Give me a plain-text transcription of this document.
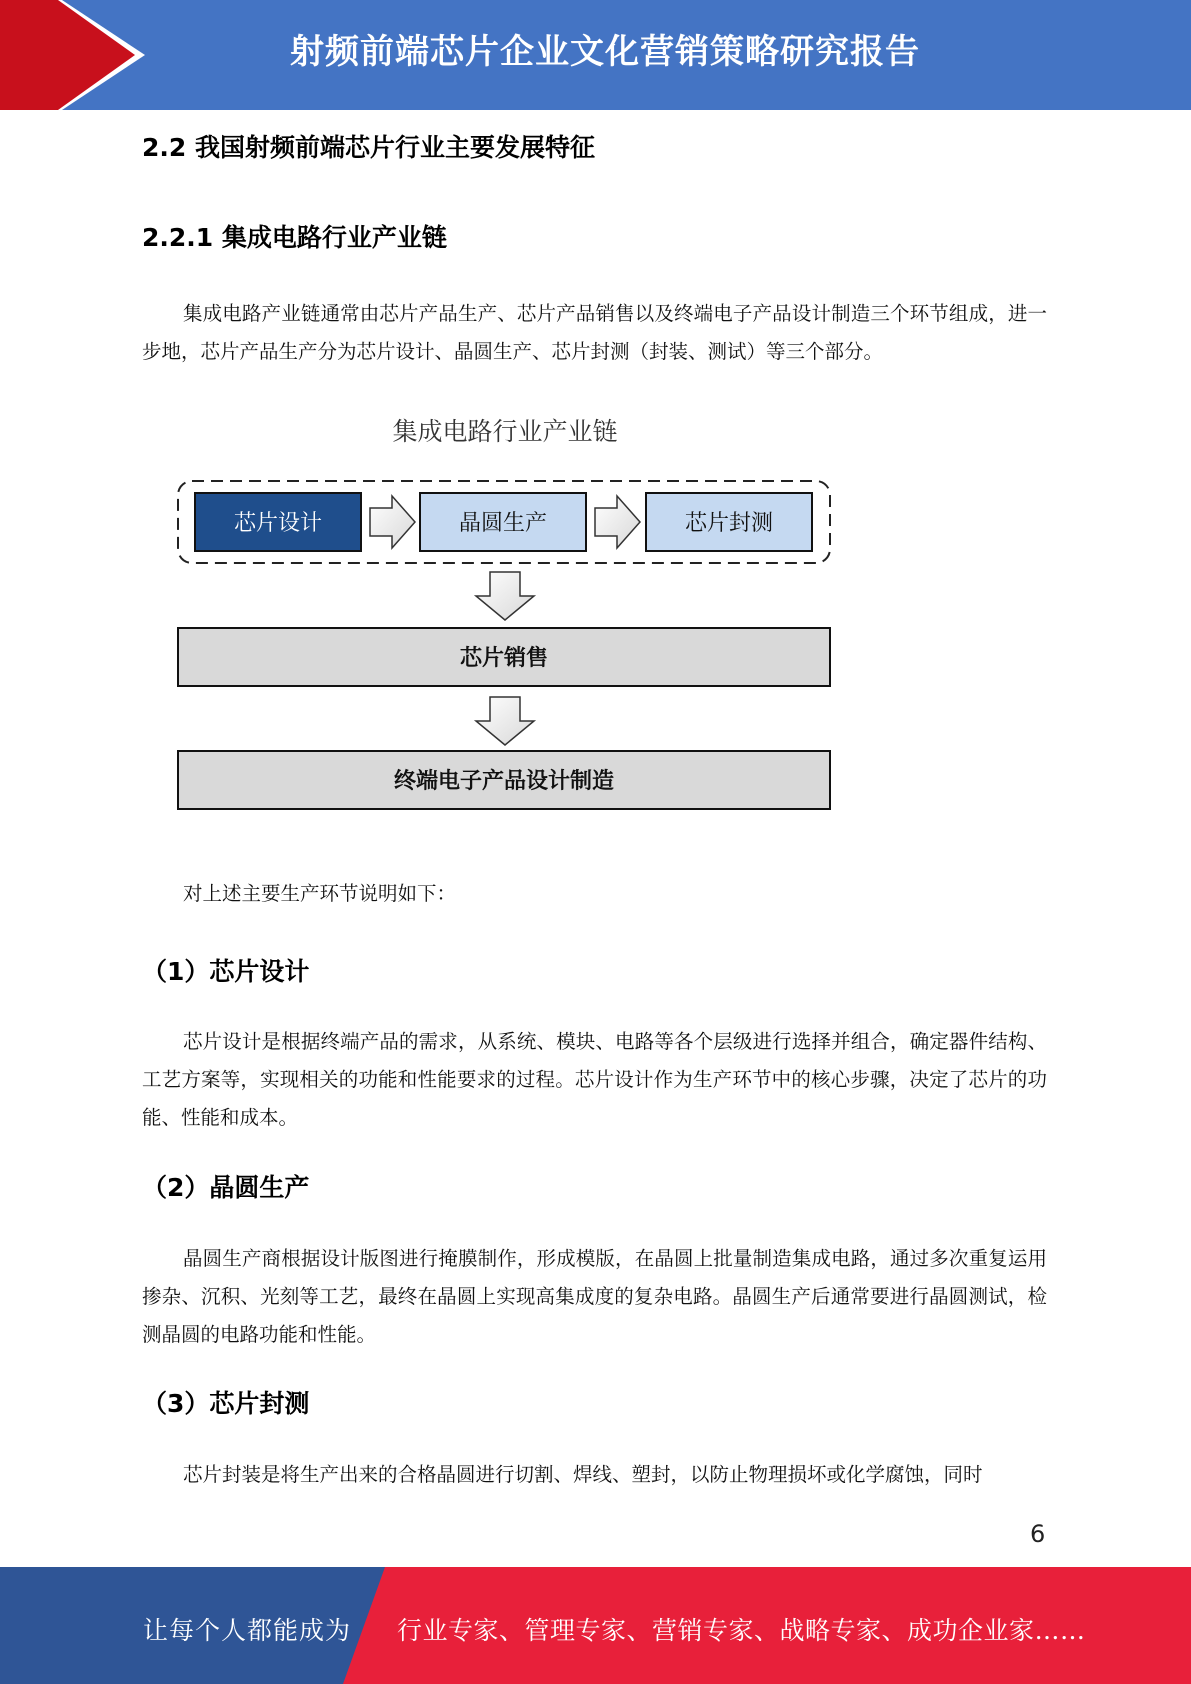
射频前端芯片企业文化营销策略研究报告
2.2 我国射频前端芯片行业主要发展特征
2.2.1 集成电路行业产业链

集成电路产业链通常由芯片产品生产、芯片产品销售以及终端电子产品设计制造三个环节组成，进一步地，芯片产品生产分为芯片设计、晶圆生产、芯片封测（封装、测试）等三个部分。

集成电路行业产业链
芯片设计	晶圆生产	芯片封测
芯片销售
终端电子产品设计制造

对上述主要生产环节说明如下：

（1）芯片设计

芯片设计是根据终端产品的需求，从系统、模块、电路等各个层级进行选择并组合，确定器件结构、工艺方案等，实现相关的功能和性能要求的过程。芯片设计作为生产环节中的核心步骤，决定了芯片的功能、性能和成本。

（2）晶圆生产

晶圆生产商根据设计版图进行掩膜制作，形成模版，在晶圆上批量制造集成电路，通过多次重复运用掺杂、沉积、光刻等工艺，最终在晶圆上实现高集成度的复杂电路。晶圆生产后通常要进行晶圆测试，检测晶圆的电路功能和性能。

（3）芯片封测

芯片封装是将生产出来的合格晶圆进行切割、焊线、塑封，以防止物理损坏或化学腐蚀，同时

6
让每个人都能成为 行业专家、管理专家、营销专家、战略专家、成功企业家……
